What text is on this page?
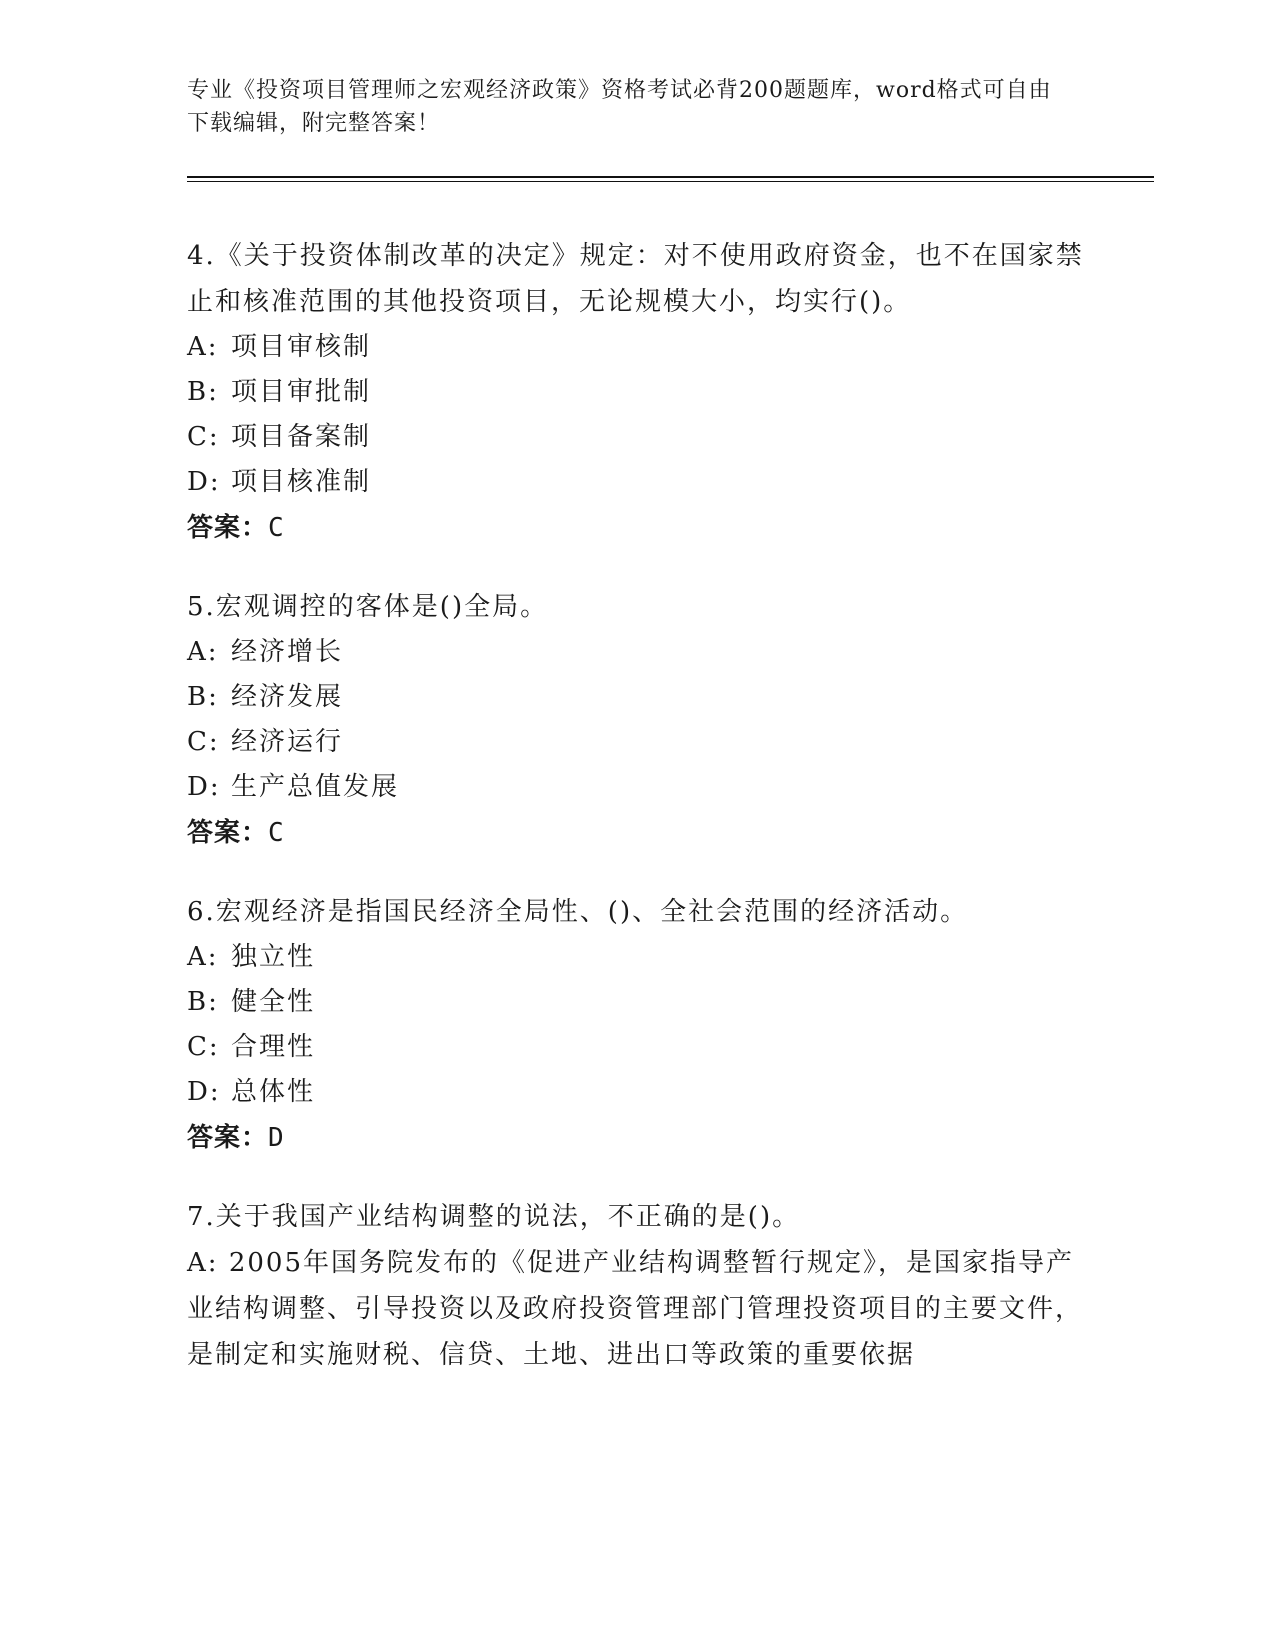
专业《投资项目管理师之宏观经济政策》资格考试必背200题题库，word格式可自由下载编辑，附完整答案！
4.《关于投资体制改革的决定》规定：对不使用政府资金，也不在国家禁止和核准范围的其他投资项目，无论规模大小，均实行()。
A: 项目审核制
B: 项目审批制
C: 项目备案制
D: 项目核准制
答案：C
5.宏观调控的客体是()全局。
A: 经济增长
B: 经济发展
C: 经济运行
D: 生产总值发展
答案：C
6.宏观经济是指国民经济全局性、()、全社会范围的经济活动。
A: 独立性
B: 健全性
C: 合理性
D: 总体性
答案：D
7.关于我国产业结构调整的说法，不正确的是()。
A: 2005年国务院发布的《促进产业结构调整暂行规定》，是国家指导产业结构调整、引导投资以及政府投资管理部门管理投资项目的主要文件，是制定和实施财税、信贷、土地、进出口等政策的重要依据
